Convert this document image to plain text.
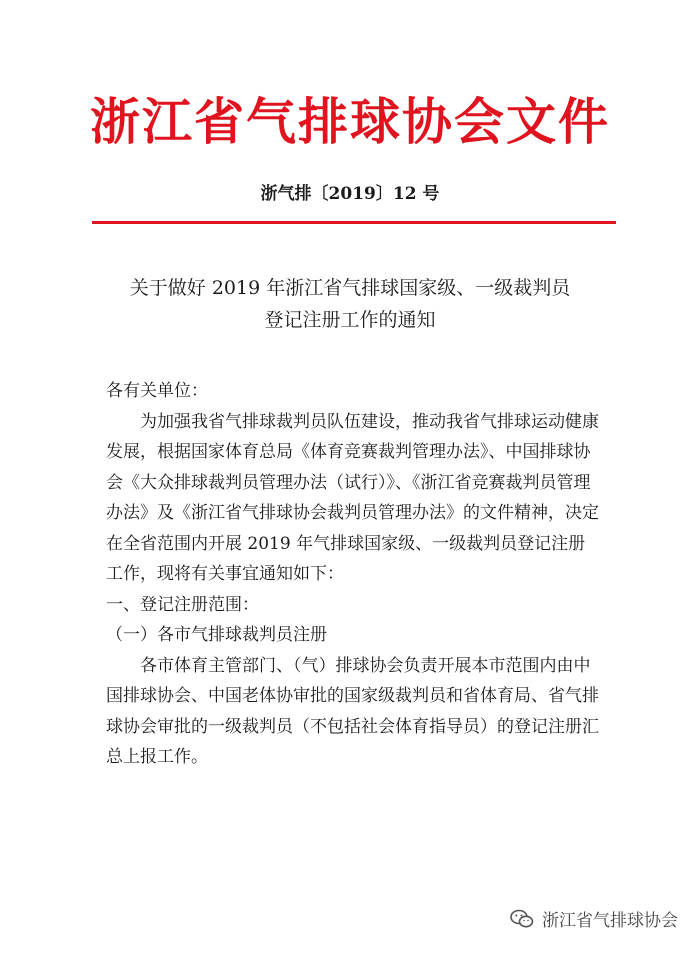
浙江省气排球协会文件
浙气排〔2019〕12 号
关于做好 2019 年浙江省气排球国家级、一级裁判员
登记注册工作的通知

各有关单位：

为加强我省气排球裁判员队伍建设，推动我省气排球运动健康发展，根据国家体育总局《体育竞赛裁判管理办法》、中国排球协会《大众排球裁判员管理办法（试行）》、《浙江省竞赛裁判员管理办法》及《浙江省气排球协会裁判员管理办法》的文件精神，决定在全省范围内开展 2019 年气排球国家级、一级裁判员登记注册工作，现将有关事宜通知如下：

一、登记注册范围：

（一）各市气排球裁判员注册

各市体育主管部门、（气）排球协会负责开展本市范围内由中国排球协会、中国老体协审批的国家级裁判员和省体育局、省气排球协会审批的一级裁判员（不包括社会体育指导员）的登记注册汇总上报工作。

浙江省气排球协会
